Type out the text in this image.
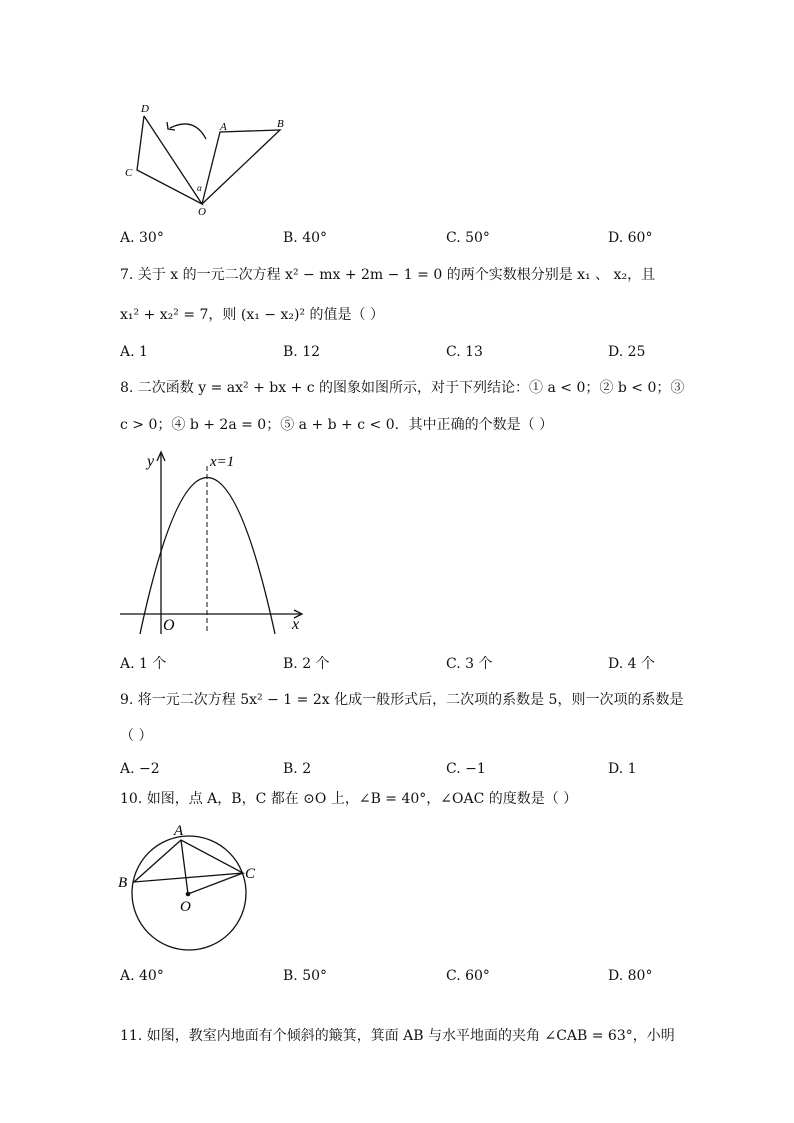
D
C
A	B
O
α
A. 30°	B. 40°	C. 50°	D. 60°
7. 关于 x 的一元二次方程 x² − mx + 2m − 1 = 0 的两个实数根分别是 x₁ 、 x₂，且
x₁² + x₂² = 7，则 (x₁ − x₂)² 的值是（ ）
A. 1	B. 12	C. 13	D. 25
8. 二次函数 y = ax² + bx + c 的图象如图所示，对于下列结论：① a < 0；② b < 0；③
c > 0；④ b + 2a = 0；⑤ a + b + c < 0．其中正确的个数是（ ）
y
x
O
x=1
A. 1 个	B. 2 个	C. 3 个	D. 4 个
9. 将一元二次方程 5x² − 1 = 2x 化成一般形式后，二次项的系数是 5，则一次项的系数是
（ ）
A. −2	B. 2	C. −1	D. 1
10. 如图，点 A，B，C 都在 ⊙O 上，∠B = 40°，∠OAC 的度数是（ ）
A
B
C
O
A. 40°	B. 50°	C. 60°	D. 80°
11. 如图，教室内地面有个倾斜的簸箕，箕面 AB 与水平地面的夹角 ∠CAB = 63°，小明
